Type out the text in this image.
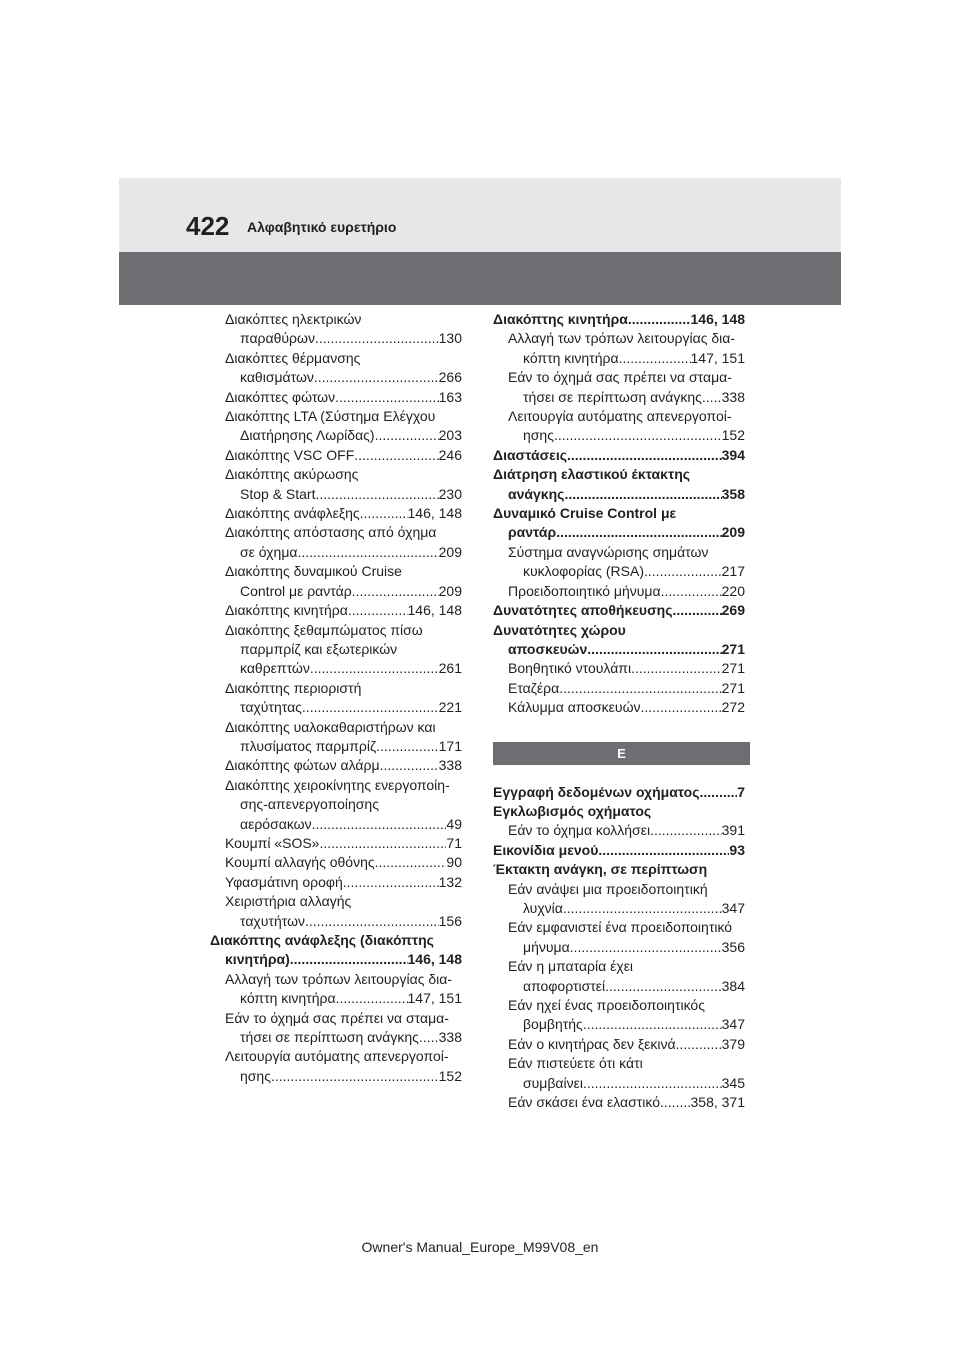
422 Αλφαβητικό ευρετήριο
Διακόπτες ηλεκτρικών
παραθύρων .....	130
Διακόπτες θέρμανσης
καθισμάτων .....	266
Διακόπτες φώτων .....	163
Διακόπτης LTA (Σύστημα Ελέγχου
Διατήρησης Λωρίδας) .....	203
Διακόπτης VSC OFF .....	246
Διακόπτης ακύρωσης
Stop & Start .....	230
Διακόπτης ανάφλεξης .....	146, 148
Διακόπτης απόστασης από όχημα
σε όχημα .....	209
Διακόπτης δυναμικού Cruise
Control με ραντάρ .....	209
Διακόπτης κινητήρα .....	146, 148
Διακόπτης ξεθαμπώματος πίσω
παρμπρίζ και εξωτερικών
καθρεπτών .....	261
Διακόπτης περιοριστή
ταχύτητας .....	221
Διακόπτης υαλοκαθαριστήρων και
πλυσίματος παρμπρίζ .....	171
Διακόπτης φώτων αλάρμ .....	338
Διακόπτης χειροκίνητης ενεργοποίη-
σης-απενεργοποίησης
αερόσακων .....	49
Κουμπί «SOS» .....	71
Κουμπί αλλαγής οθόνης .....	90
Υφασμάτινη οροφή .....	132
Χειριστήρια αλλαγής
ταχυτήτων .....	156
Διακόπτης ανάφλεξης (διακόπτης
κινητήρα) .....	146, 148
Αλλαγή των τρόπων λειτουργίας δια-
κόπτη κινητήρα .....	147, 151
Εάν το όχημά σας πρέπει να σταμα-
τήσει σε περίπτωση ανάγκης ..... 338
Λειτουργία αυτόματης απενεργοποί-
ησης .....	152
Διακόπτης κινητήρα .....	146, 148
Αλλαγή των τρόπων λειτουργίας δια-
κόπτη κινητήρα .....	147, 151
Εάν το όχημά σας πρέπει να σταμα-
τήσει σε περίπτωση ανάγκης ..... 338
Λειτουργία αυτόματης απενεργοποί-
ησης .....	152
Διαστάσεις .....	394
Διάτρηση ελαστικού έκτακτης
ανάγκης .....	358
Δυναμικό Cruise Control με
ραντάρ .....	209
Σύστημα αναγνώρισης σημάτων
κυκλοφορίας (RSA) .....	217
Προειδοποιητικό μήνυμα .....	220
Δυνατότητες αποθήκευσης .....	269
Δυνατότητες χώρου
αποσκευών .....	271
Βοηθητικό ντουλάπι .....	271
Εταζέρα .....	271
Κάλυμμα αποσκευών .....	272
Ε
Εγγραφή δεδομένων οχήματος .....	7
Εγκλωβισμός οχήματος
Εάν το όχημα κολλήσει .....	391
Εικονίδια μενού .....	93
Έκτακτη ανάγκη, σε περίπτωση
Εάν ανάψει μια προειδοποιητική
λυχνία .....	347
Εάν εμφανιστεί ένα προειδοποιητικό
μήνυμα .....	356
Εάν η μπαταρία έχει
αποφορτιστεί .....	384
Εάν ηχεί ένας προειδοποιητικός
βομβητής .....	347
Εάν ο κινητήρας δεν ξεκινά .....	379
Εάν πιστεύετε ότι κάτι
συμβαίνει .....	345
Εάν σκάσει ένα ελαστικό ..... 358, 371
Owner's Manual_Europe_M99V08_en
